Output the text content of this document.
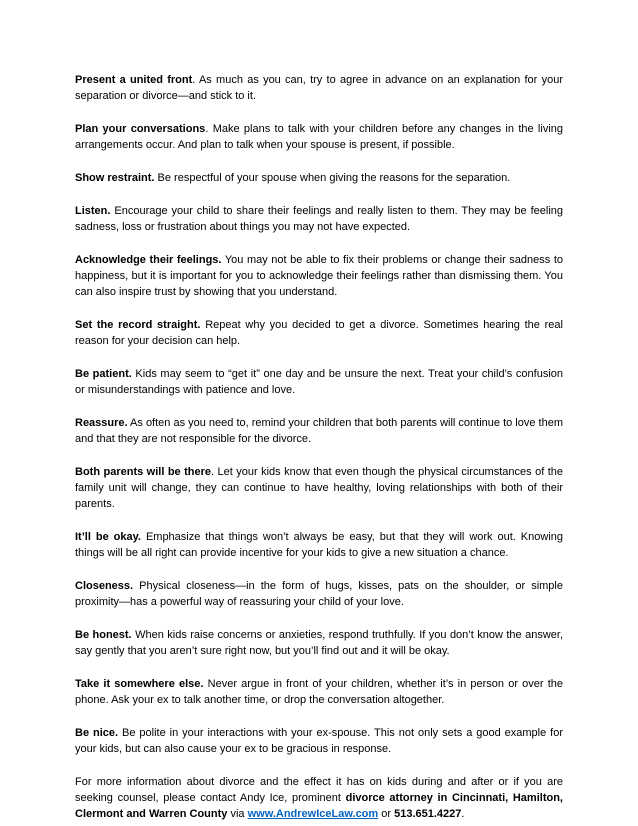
Present a united front. As much as you can, try to agree in advance on an explanation for your separation or divorce—and stick to it.

Plan your conversations. Make plans to talk with your children before any changes in the living arrangements occur. And plan to talk when your spouse is present, if possible.

Show restraint. Be respectful of your spouse when giving the reasons for the separation.

Listen. Encourage your child to share their feelings and really listen to them. They may be feeling sadness, loss or frustration about things you may not have expected.

Acknowledge their feelings. You may not be able to fix their problems or change their sadness to happiness, but it is important for you to acknowledge their feelings rather than dismissing them. You can also inspire trust by showing that you understand.

Set the record straight. Repeat why you decided to get a divorce. Sometimes hearing the real reason for your decision can help.

Be patient. Kids may seem to “get it” one day and be unsure the next. Treat your child’s confusion or misunderstandings with patience and love.

Reassure. As often as you need to, remind your children that both parents will continue to love them and that they are not responsible for the divorce.

Both parents will be there. Let your kids know that even though the physical circumstances of the family unit will change, they can continue to have healthy, loving relationships with both of their parents.

It’ll be okay. Emphasize that things won’t always be easy, but that they will work out. Knowing things will be all right can provide incentive for your kids to give a new situation a chance.

Closeness. Physical closeness—in the form of hugs, kisses, pats on the shoulder, or simple proximity—has a powerful way of reassuring your child of your love.

Be honest. When kids raise concerns or anxieties, respond truthfully. If you don’t know the answer, say gently that you aren’t sure right now, but you’ll find out and it will be okay.

Take it somewhere else. Never argue in front of your children, whether it’s in person or over the phone. Ask your ex to talk another time, or drop the conversation altogether.

Be nice. Be polite in your interactions with your ex-spouse. This not only sets a good example for your kids, but can also cause your ex to be gracious in response.

For more information about divorce and the effect it has on kids during and after or if you are seeking counsel, please contact Andy Ice, prominent divorce attorney in Cincinnati, Hamilton, Clermont and Warren County via www.AndrewIceLaw.com or 513.651.4227.
